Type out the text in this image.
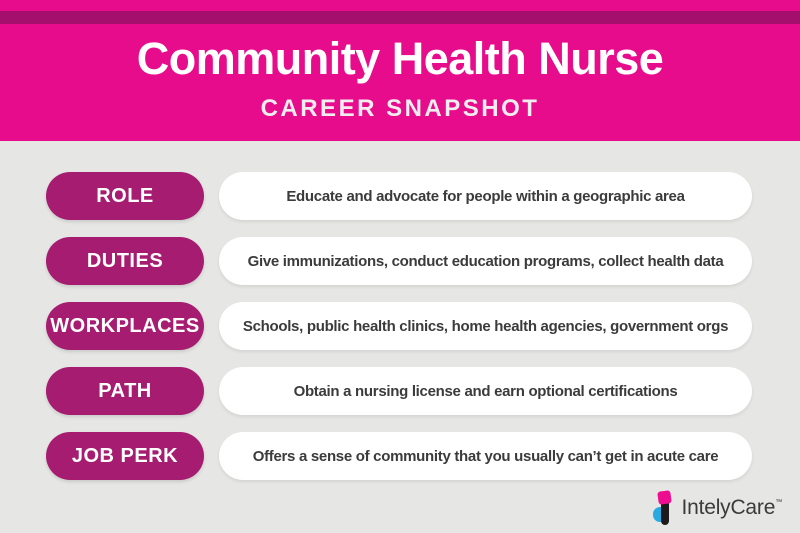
Community Health Nurse
CAREER SNAPSHOT
ROLE	Educate and advocate for people within a geographic area
DUTIES	Give immunizations, conduct education programs, collect health data
WORKPLACES	Schools, public health clinics, home health agencies, government orgs
PATH	Obtain a nursing license and earn optional certifications
JOB PERK	Offers a sense of community that you usually can’t get in acute care
IntelyCare™
